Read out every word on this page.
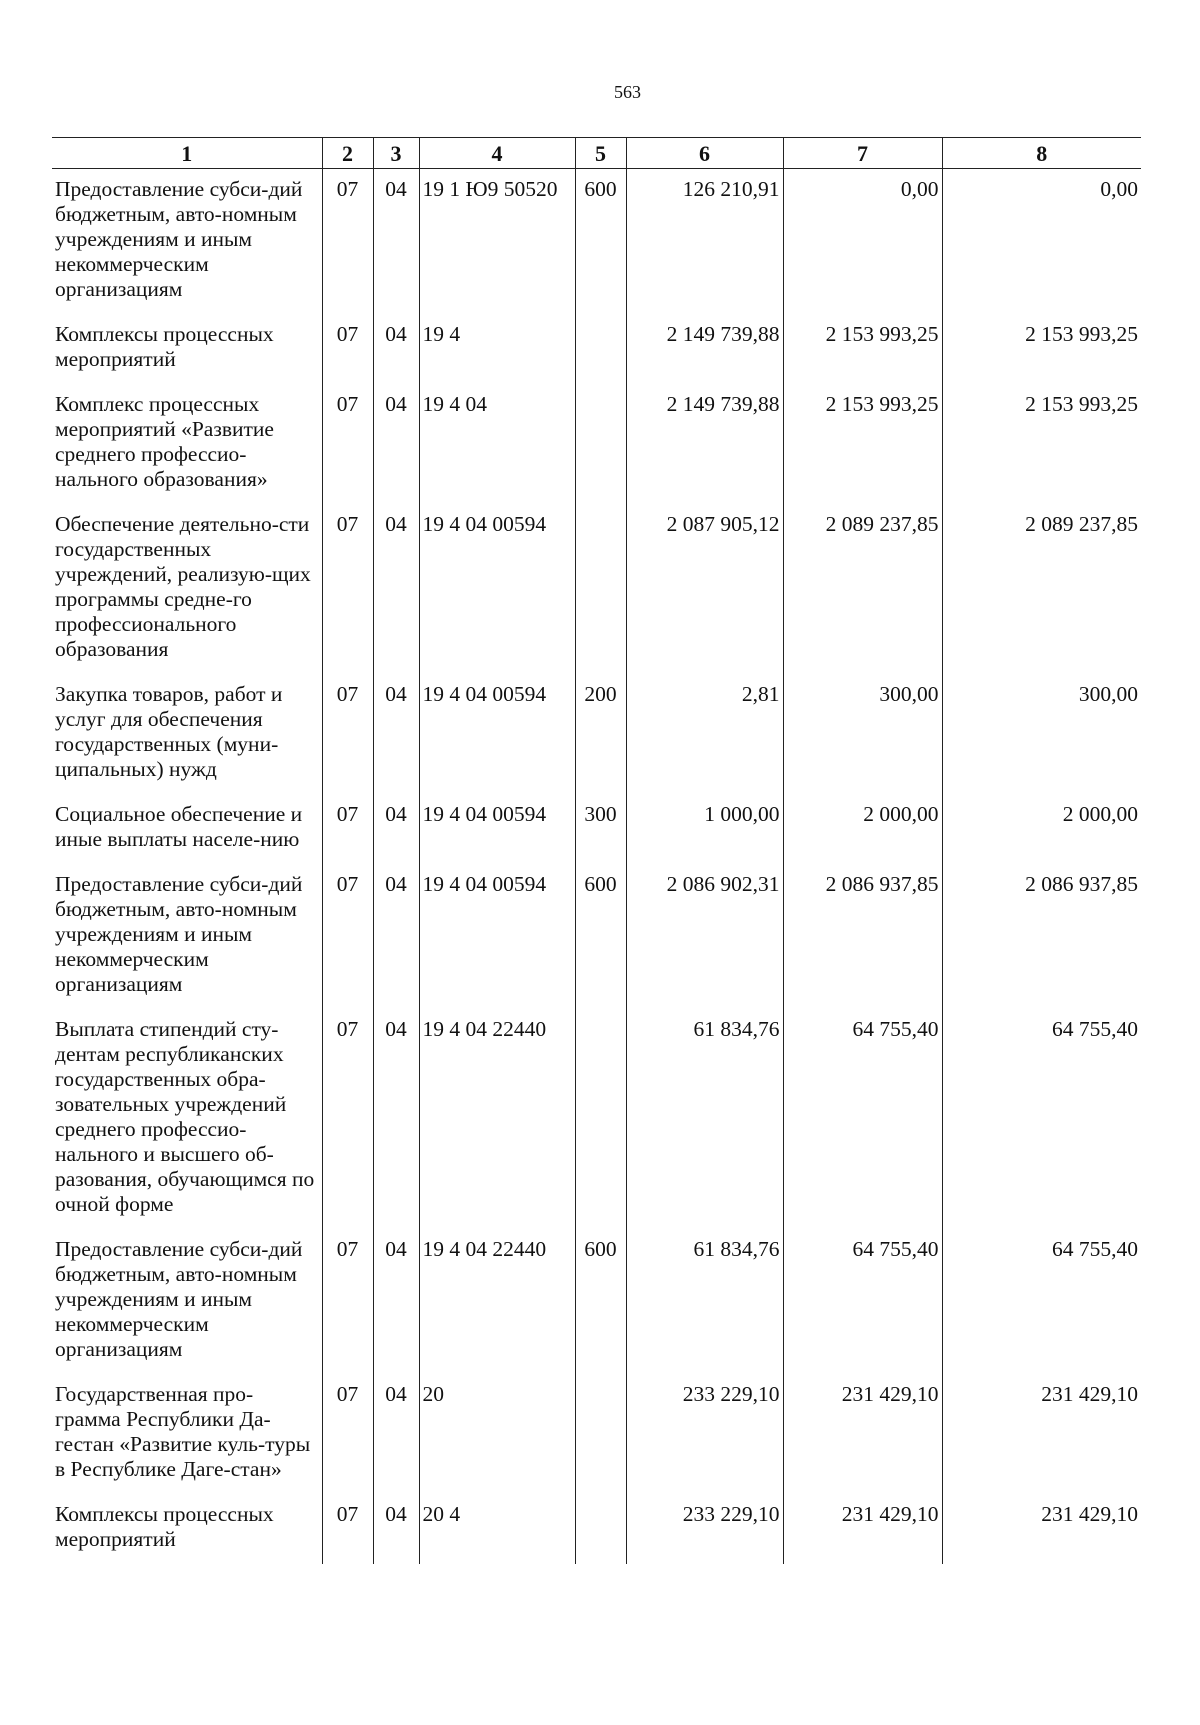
563
1	2	3	4	5	6	7	8
Предоставление субси-дий бюджетным, авто-номным учреждениям и иным некоммерческим организациям	07	04	19 1 Ю9 50520	600	126 210,91	0,00	0,00
Комплексы процессных мероприятий	07	04	19 4		2 149 739,88	2 153 993,25	2 153 993,25
Комплекс процессных мероприятий «Развитие среднего профессио-нального образования»	07	04	19 4 04		2 149 739,88	2 153 993,25	2 153 993,25
Обеспечение деятельно-сти государственных учреждений, реализую-щих программы средне-го профессионального образования	07	04	19 4 04 00594		2 087 905,12	2 089 237,85	2 089 237,85
Закупка товаров, работ и услуг для обеспечения государственных (муни-ципальных) нужд	07	04	19 4 04 00594	200	2,81	300,00	300,00
Социальное обеспечение и иные выплаты населе-нию	07	04	19 4 04 00594	300	1 000,00	2 000,00	2 000,00
Предоставление субси-дий бюджетным, авто-номным учреждениям и иным некоммерческим организациям	07	04	19 4 04 00594	600	2 086 902,31	2 086 937,85	2 086 937,85
Выплата стипендий сту-дентам республиканских государственных обра-зовательных учреждений среднего профессио-нального и высшего об-разования, обучающимся по очной форме	07	04	19 4 04 22440		61 834,76	64 755,40	64 755,40
Предоставление субси-дий бюджетным, авто-номным учреждениям и иным некоммерческим организациям	07	04	19 4 04 22440	600	61 834,76	64 755,40	64 755,40
Государственная про-грамма Республики Да-гестан «Развитие куль-туры в Республике Даге-стан»	07	04	20		233 229,10	231 429,10	231 429,10
Комплексы процессных мероприятий	07	04	20 4		233 229,10	231 429,10	231 429,10
